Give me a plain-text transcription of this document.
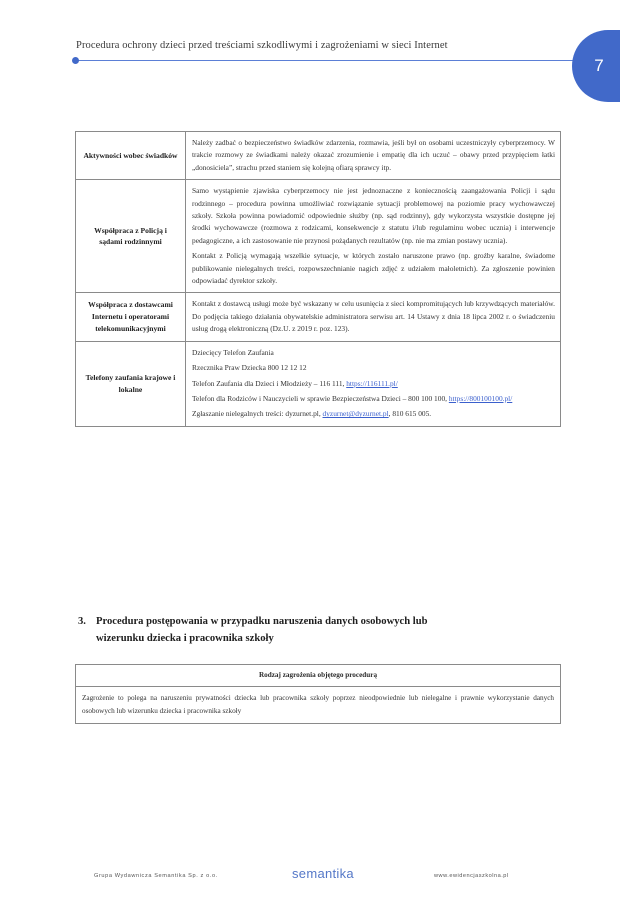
Procedura ochrony dzieci przed treściami szkodliwymi i zagrożeniami w sieci Internet
7
Aktywności wobec świadków	Należy zadbać o bezpieczeństwo świadków zdarzenia, rozmawia, jeśli był on osobami uczestniczyły cyberprzemocy. W trakcie rozmowy ze świadkami należy okazać zrozumienie i empatię dla ich uczuć – obawy przed przypięciem łatki „donosiciela”, strachu przed staniem się kolejną ofiarą sprawcy itp.

Współpraca z Policją i sądami rodzinnymi	Samo wystąpienie zjawiska cyberprzemocy nie jest jednoznaczne z koniecznością zaangażowania Policji i sądu rodzinnego – procedura powinna umożliwiać rozwiązanie sytuacji problemowej na poziomie pracy wychowawczej szkoły. Szkoła powinna powiadomić odpowiednie służby (np. sąd rodzinny), gdy wykorzysta wszystkie dostępne jej środki wychowawcze (rozmowa z rodzicami, konsekwencje z statutu i/lub regulaminu wobec ucznia) i interwencje pedagogiczne, a ich zastosowanie nie przynosi pożądanych rezultatów (np. nie ma zmian postawy ucznia).

Kontakt z Policją wymagają wszelkie sytuacje, w których zostało naruszone prawo (np. groźby karalne, świadome publikowanie nielegalnych treści, rozpowszechnianie nagich zdjęć z udziałem małoletnich). Za zgłoszenie powinien odpowiadać dyrektor szkoły.

Współpraca z dostawcami Internetu i operatorami telekomunikacyjnymi	Kontakt z dostawcą usługi może być wskazany w celu usunięcia z sieci kompromitujących lub krzywdzących materiałów. Do podjęcia takiego działania obywatelskie administratora serwisu art. 14 Ustawy z dnia 18 lipca 2002 r. o świadczeniu usług drogą elektroniczną (Dz.U. z 2019 r. poz. 123).

Telefony zaufania krajowe i lokalne	Dziecięcy Telefon Zaufania

Rzecznika Praw Dziecka 800 12 12 12

Telefon Zaufania dla Dzieci i Młodzieży – 116 111, https://116111.pl/

Telefon dla Rodziców i Nauczycieli w sprawie Bezpieczeństwa Dzieci – 800 100 100, https://800100100.pl/

Zgłaszanie nielegalnych treści: dyzurnet.pl, dyzurnet@dyzurnet.pl, 810 615 005.

3. Procedura postępowania w przypadku naruszenia danych osobowych lub
wizerunku dziecka i pracownika szkoły
Rodzaj zagrożenia objętego procedurą
Zagrożenie to polega na naruszeniu prywatności dziecka lub pracownika szkoły poprzez nieodpowiednie lub nielegalne i prawnie wykorzystanie danych osobowych lub wizerunku dziecka i pracownika szkoły
Grupa Wydawnicza Semantika Sp. z o.o.	semantika	www.ewidencjaszkolna.pl
